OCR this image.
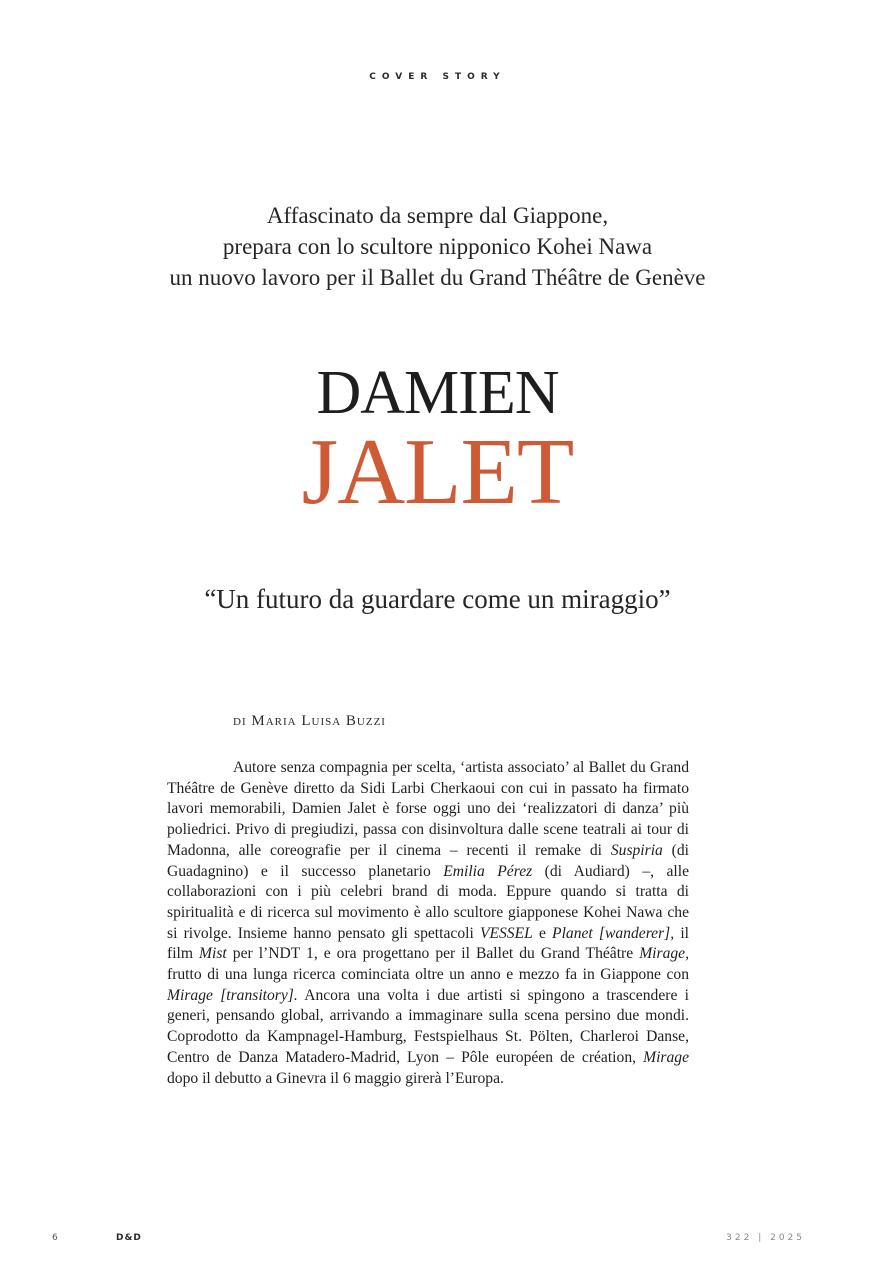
COVER STORY
Affascinato da sempre dal Giappone,
prepara con lo scultore nipponico Kohei Nawa
un nuovo lavoro per il Ballet du Grand Théâtre de Genève
DAMIEN
JALET
“Un futuro da guardare come un miraggio”
di Maria Luisa Buzzi

Autore senza compagnia per scelta, ‘artista associato’ al Ballet du Grand Théâtre de Genève diretto da Sidi Larbi Cherkaoui con cui in passato ha firmato lavori memorabili, Damien Jalet è forse oggi uno dei ‘realizzatori di danza’ più poliedrici. Privo di pregiudizi, passa con disinvoltura dalle scene teatrali ai tour di Madonna, alle coreografie per il cinema – recenti il remake di Suspiria (di Guadagnino) e il successo planetario Emilia Pérez (di Audiard) –, alle collaborazioni con i più celebri brand di moda. Eppure quando si tratta di spiritualità e di ricerca sul movimento è allo scultore giapponese Kohei Nawa che si rivolge. Insieme hanno pensato gli spettacoli VESSEL e Planet [wanderer], il film Mist per l’NDT 1, e ora progettano per il Ballet du Grand Théâtre Mirage, frutto di una lunga ricerca cominciata oltre un anno e mezzo fa in Giappone con Mirage [transitory]. Ancora una volta i due artisti si spingono a trascendere i generi, pensando global, arrivando a immaginare sulla scena persino due mondi. Coprodotto da Kampnagel-Hamburg, Festspielhaus St. Pölten, Charleroi Danse, Centro de Danza Matadero-Madrid, Lyon – Pôle européen de création, Mirage dopo il debutto a Ginevra il 6 maggio girerà l’Europa.

6	D&D	322 | 2025
